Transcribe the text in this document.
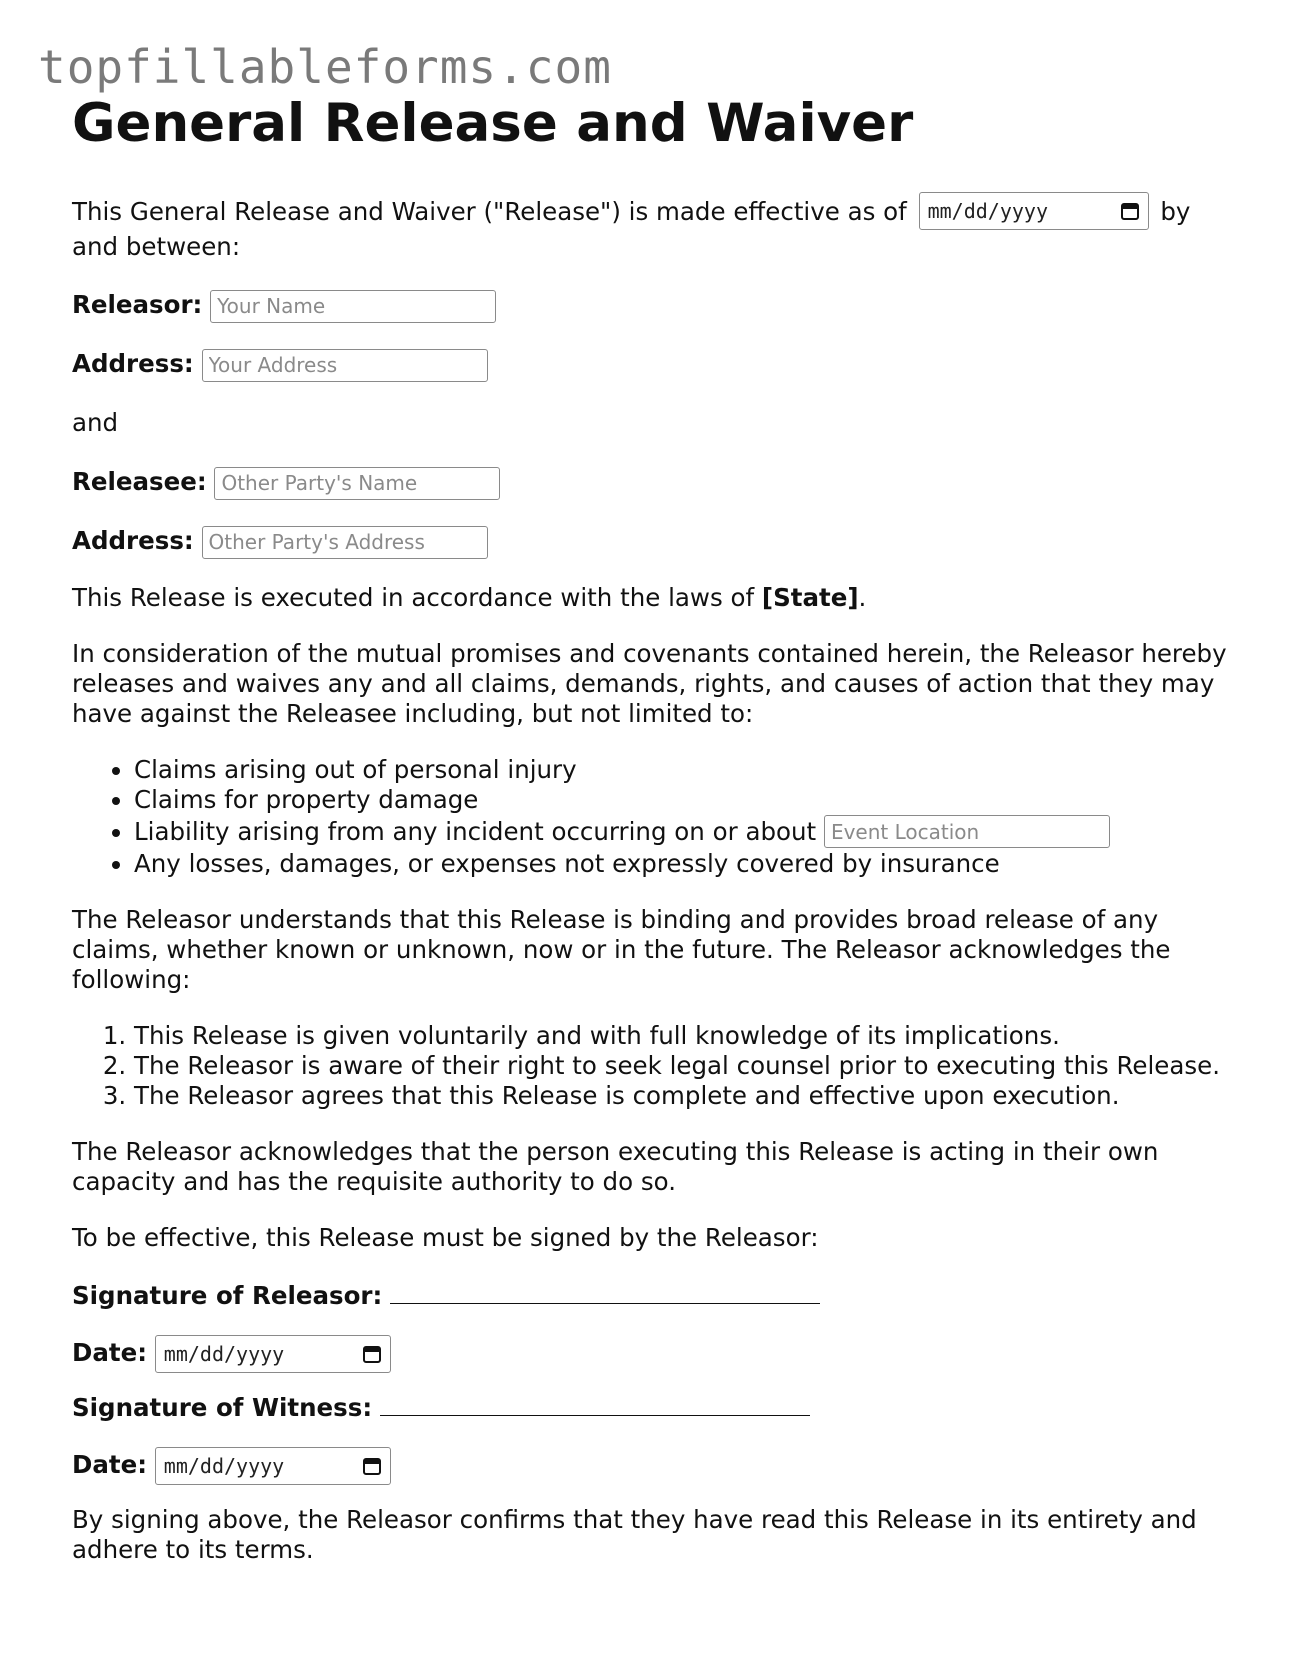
topfillableforms.com
General Release and Waiver

This General Release and Waiver ("Release") is made effective as of mm/dd/yyyy	by
and between:

Releasor: Your Name
Address: Your Address
and
Releasee: Other Party's Name
Address: Other Party's Address

This Release is executed in accordance with the laws of [State].

In consideration of the mutual promises and covenants contained herein, the Releasor hereby releases and waives any and all claims, demands, rights, and causes of action that they may have against the Releasee including, but not limited to:

• Claims arising out of personal injury
• Claims for property damage
• Liability arising from any incident occurring on or about Event Location
• Any losses, damages, or expenses not expressly covered by insurance

The Releasor understands that this Release is binding and provides broad release of any claims, whether known or unknown, now or in the future. The Releasor acknowledges the following:

1. This Release is given voluntarily and with full knowledge of its implications.
2. The Releasor is aware of their right to seek legal counsel prior to executing this Release.
3. The Releasor agrees that this Release is complete and effective upon execution.

The Releasor acknowledges that the person executing this Release is acting in their own capacity and has the requisite authority to do so.

To be effective, this Release must be signed by the Releasor:

Signature of Releasor:
Date: mm/dd/yyyy
Signature of Witness:
Date: mm/dd/yyyy

By signing above, the Releasor confirms that they have read this Release in its entirety and adhere to its terms.
